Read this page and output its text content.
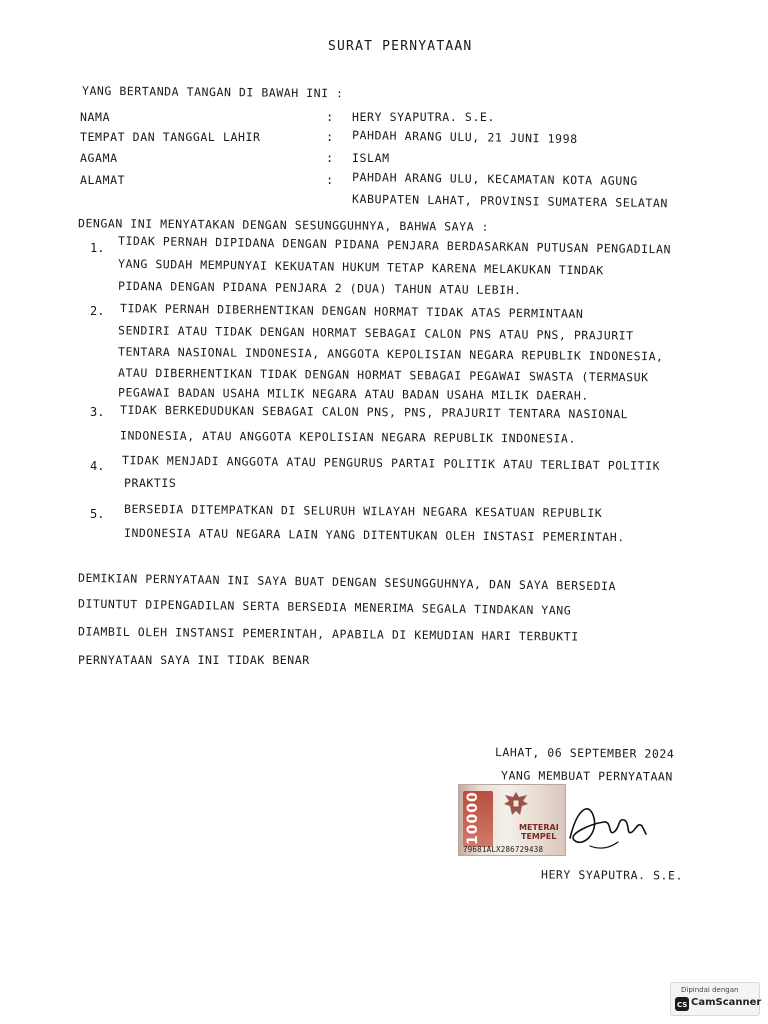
SURAT PERNYATAAN
YANG BERTANDA TANGAN DI BAWAH INI :
NAMA	: HERY SYAPUTRA. S.E.
TEMPAT DAN TANGGAL LAHIR	: PAHDAH ARANG ULU, 21 JUNI 1998
AGAMA	: ISLAM
ALAMAT	: PAHDAH ARANG ULU, KECAMATAN KOTA AGUNG
KABUPATEN LAHAT, PROVINSI SUMATERA SELATAN
DENGAN INI MENYATAKAN DENGAN SESUNGGUHNYA, BAHWA SAYA :
1. TIDAK PERNAH DIPIDANA DENGAN PIDANA PENJARA BERDASARKAN PUTUSAN PENGADILAN
YANG SUDAH MEMPUNYAI KEKUATAN HUKUM TETAP KARENA MELAKUKAN TINDAK
PIDANA DENGAN PIDANA PENJARA 2 (DUA) TAHUN ATAU LEBIH.
2. TIDAK PERNAH DIBERHENTIKAN DENGAN HORMAT TIDAK ATAS PERMINTAAN
SENDIRI ATAU TIDAK DENGAN HORMAT SEBAGAI CALON PNS ATAU PNS, PRAJURIT
TENTARA NASIONAL INDONESIA, ANGGOTA KEPOLISIAN NEGARA REPUBLIK INDONESIA,
ATAU DIBERHENTIKAN TIDAK DENGAN HORMAT SEBAGAI PEGAWAI SWASTA (TERMASUK
PEGAWAI BADAN USAHA MILIK NEGARA ATAU BADAN USAHA MILIK DAERAH.
3. TIDAK BERKEDUDUKAN SEBAGAI CALON PNS, PNS, PRAJURIT TENTARA NASIONAL
INDONESIA, ATAU ANGGOTA KEPOLISIAN NEGARA REPUBLIK INDONESIA.
4. TIDAK MENJADI ANGGOTA ATAU PENGURUS PARTAI POLITIK ATAU TERLIBAT POLITIK
PRAKTIS
5. BERSEDIA DITEMPATKAN DI SELURUH WILAYAH NEGARA KESATUAN REPUBLIK
INDONESIA ATAU NEGARA LAIN YANG DITENTUKAN OLEH INSTASI PEMERINTAH.
DEMIKIAN PERNYATAAN INI SAYA BUAT DENGAN SESUNGGUHNYA, DAN SAYA BERSEDIA
DITUNTUT DIPENGADILAN SERTA BERSEDIA MENERIMA SEGALA TINDAKAN YANG
DIAMBIL OLEH INSTANSI PEMERINTAH, APABILA DI KEMUDIAN HARI TERBUKTI
PERNYATAAN SAYA INI TIDAK BENAR
LAHAT, 06 SEPTEMBER 2024
YANG MEMBUAT PERNYATAAN
10000	METERAI
TEMPEL
79681ALX286729438
HERY SYAPUTRA. S.E.
Dipindai dengan
CS CamScanner
